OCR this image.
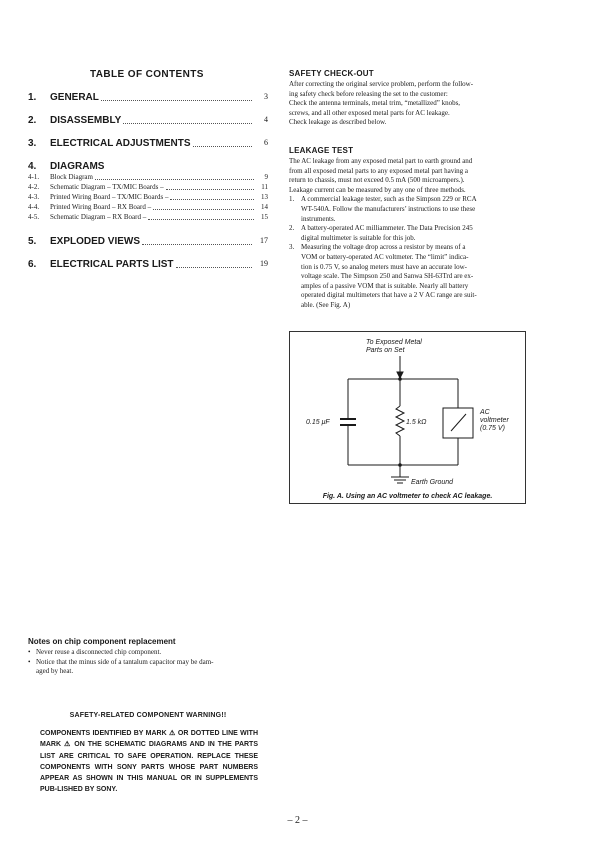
TABLE OF CONTENTS
1.	GENERAL	3
2.	DISASSEMBLY	4
3.	ELECTRICAL ADJUSTMENTS	6
4.	DIAGRAMS
4-1.	Block Diagram	9
4-2.	Schematic Diagram – TX/MIC Boards –	11
4-3.	Printed Wiring Board – TX/MIC Boards –	13
4-4.	Printed Wiring Board – RX Board –	14
4-5.	Schematic Diagram – RX Board –	15
5.	EXPLODED VIEWS	17
6.	ELECTRICAL PARTS LIST	19
SAFETY CHECK-OUT
After correcting the original service problem, perform the follow-
ing safety check before releasing the set to the customer:
Check the antenna terminals, metal trim, “metallized” knobs,
screws, and all other exposed metal parts for AC leakage.
Check leakage as described below.
LEAKAGE TEST
The AC leakage from any exposed metal part to earth ground and
from all exposed metal parts to any exposed metal part having a
return to chassis, must not exceed 0.5 mA (500 microampers.).
Leakage current can be measured by any one of three methods.
1. A commercial leakage tester, such as the Simpson 229 or RCA
WT-540A. Follow the manufacturers’ instructions to use these
instruments.
2. A battery-operated AC milliammeter. The Data Precision 245
digital multimeter is suitable for this job.
3. Measuring the voltage drop across a resistor by means of a
VOM or battery-operated AC voltmeter. The “limit” indica-
tion is 0.75 V, so analog meters must have an accurate low-
voltage scale. The Simpson 250 and Sanwa SH-63Trd are ex-
amples of a passive VOM that is suitable. Nearly all battery
operated digital multimeters that have a 2 V AC range are suit-
able. (See Fig. A)
To Exposed Metal
Parts on Set
0.15 μF	1.5 kΩ
AC
voltmeter
(0.75 V)
Earth Ground
Fig. A. Using an AC voltmeter to check AC leakage.
Notes on chip component replacement
• Never reuse a disconnected chip component.
• Notice that the minus side of a tantalum capacitor may be dam-
aged by heat.
SAFETY-RELATED COMPONENT WARNING!!
COMPONENTS IDENTIFIED BY MARK ⚠ OR DOTTED LINE WITH MARK ⚠ ON THE SCHEMATIC DIAGRAMS AND IN THE PARTS LIST ARE CRITICAL TO SAFE OPERATION. REPLACE THESE COMPONENTS WITH SONY PARTS WHOSE PART NUMBERS APPEAR AS SHOWN IN THIS MANUAL OR IN SUPPLEMENTS PUB-LISHED BY SONY.
– 2 –
